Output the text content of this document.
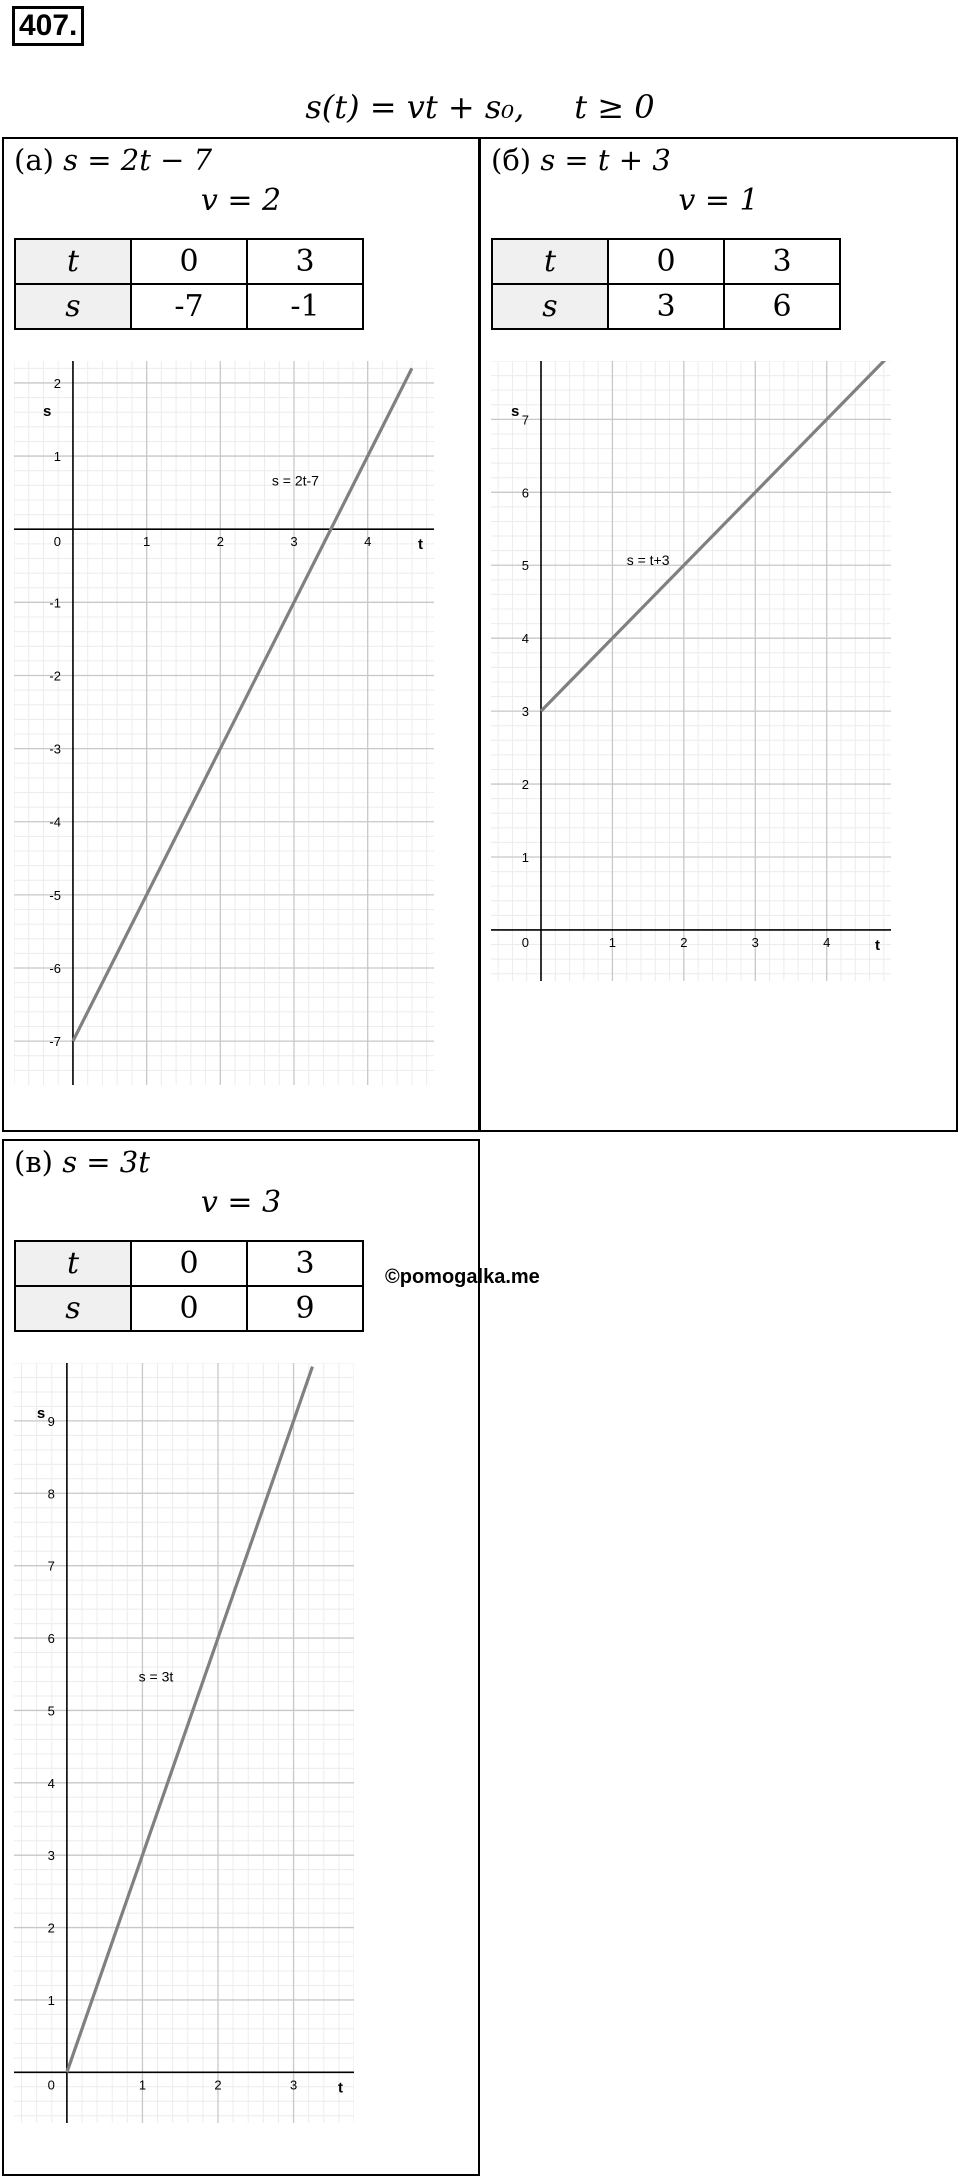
407.
s(t) = vt + s₀, t ≥ 0
(а) s = 2t − 7
v = 2
t	0	3
s	-7	-1
1	2	3	4
-7
-6
-5
-4
-3
-2
-1
1
2
0	t
s
s = 2t-7
(б) s = t + 3
v = 1
t	0	3
s	3	6
1	2	3	4
1
2
3
4
5
6
7
0	t
s
s = t+3
(в) s = 3t
v = 3
t	0	3
s	0	9
1	2	3
1
2
3
4
5
6
7
8
9
0	t
s
s = 3t
©pomogalka.me
